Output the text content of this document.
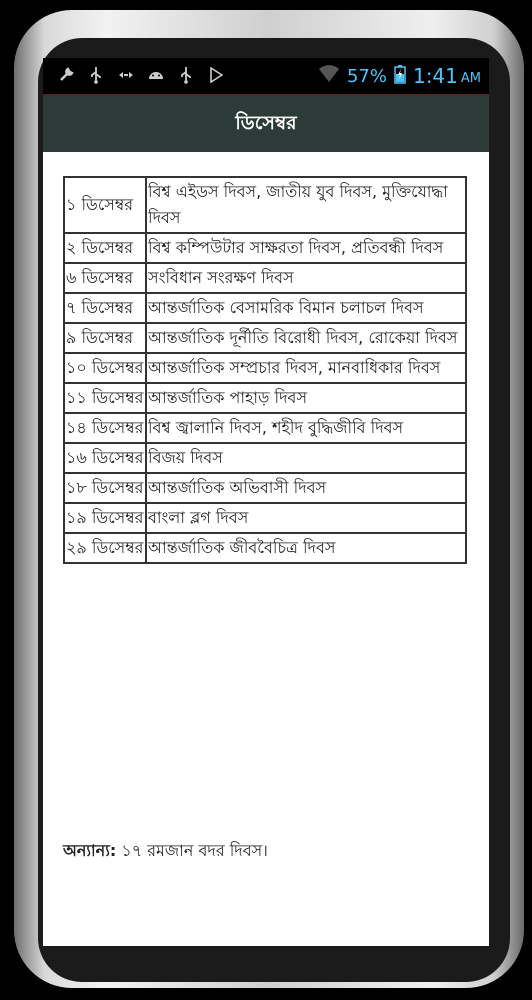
57% 1:41 AM
ডিসেম্বর
১ ডিসেম্বর	বিশ্ব এইডস দিবস, জাতীয় যুব দিবস, মুক্তিযোদ্ধা দিবস
২ ডিসেম্বর	বিশ্ব কম্পিউটার সাক্ষরতা দিবস, প্রতিবন্ধী দিবস
৬ ডিসেম্বর	সংবিধান সংরক্ষণ দিবস
৭ ডিসেম্বর	আন্তর্জাতিক বেসামরিক বিমান চলাচল দিবস
৯ ডিসেম্বর	আন্তর্জাতিক দূর্নীতি বিরোধী দিবস, রোকেয়া দিবস
১০ ডিসেম্বর	আন্তর্জাতিক সম্প্রচার দিবস, মানবাধিকার দিবস
১১ ডিসেম্বর	আন্তর্জাতিক পাহাড় দিবস
১৪ ডিসেম্বর	বিশ্ব জ্বালানি দিবস, শহীদ বুদ্ধিজীবি দিবস
১৬ ডিসেম্বর	বিজয় দিবস
১৮ ডিসেম্বর	আন্তর্জাতিক অভিবাসী দিবস
১৯ ডিসেম্বর	বাংলা ব্লগ দিবস
২৯ ডিসেম্বর	আন্তর্জাতিক জীববৈচিত্র দিবস
অন্যান্য: ১৭ রমজান বদর দিবস।
